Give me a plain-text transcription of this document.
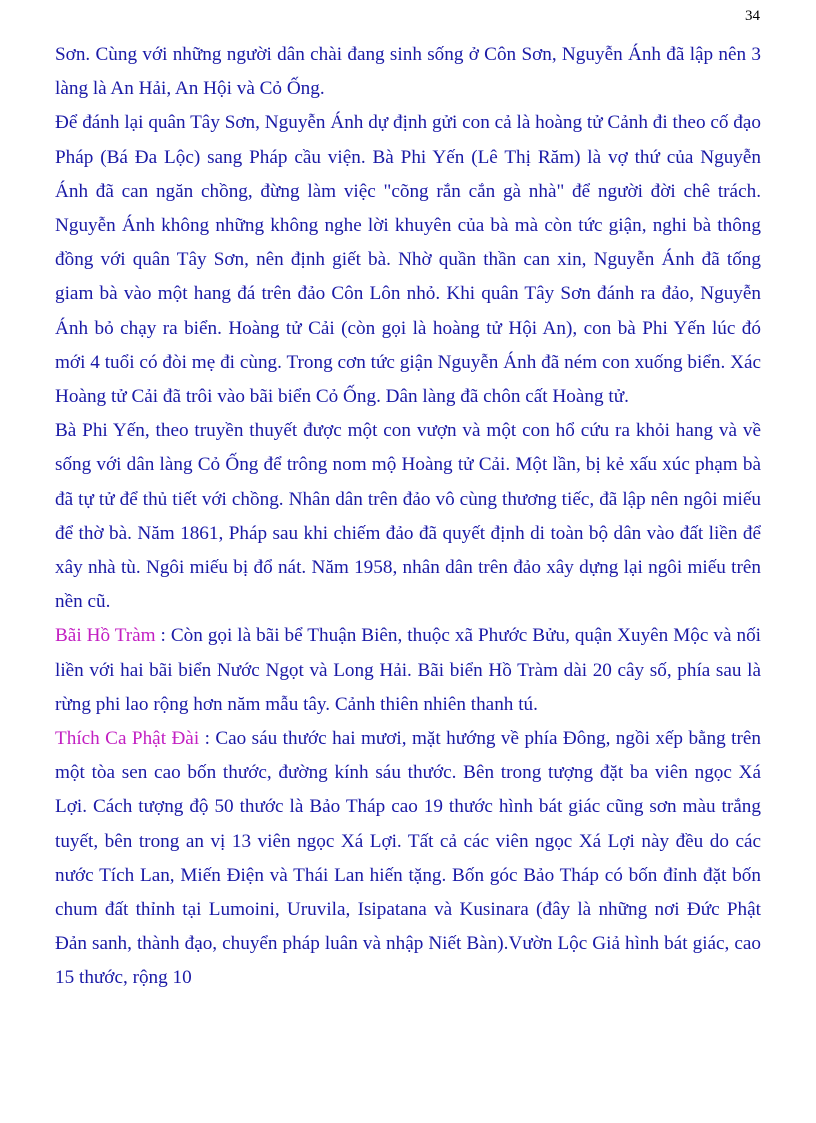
34

Sơn. Cùng với những người dân chài đang sinh sống ở Côn Sơn, Nguyễn Ánh đã lập nên 3 làng là An Hải, An Hội và Cỏ Ống.

Để đánh lại quân Tây Sơn, Nguyễn Ánh dự định gửi con cả là hoàng tử Cảnh đi theo cố đạo Pháp (Bá Đa Lộc) sang Pháp cầu viện. Bà Phi Yến (Lê Thị Răm) là vợ thứ của Nguyễn Ánh đã can ngăn chồng, đừng làm việc "cõng rắn cắn gà nhà" để người đời chê trách. Nguyễn Ánh không những không nghe lời khuyên của bà mà còn tức giận, nghi bà thông đồng với quân Tây Sơn, nên định giết bà. Nhờ quần thần can xin, Nguyễn Ánh đã tống giam bà vào một hang đá trên đảo Côn Lôn nhỏ. Khi quân Tây Sơn đánh ra đảo, Nguyễn Ánh bỏ chạy ra biển. Hoàng tử Cải (còn gọi là hoàng tử Hội An), con bà Phi Yến lúc đó mới 4 tuổi có đòi mẹ đi cùng. Trong cơn tức giận Nguyễn Ánh đã ném con xuống biển. Xác Hoàng tử Cải đã trôi vào bãi biển Cỏ Ống. Dân làng đã chôn cất Hoàng tử.

Bà Phi Yến, theo truyền thuyết được một con vượn và một con hổ cứu ra khỏi hang và về sống với dân làng Cỏ Ống để trông nom mộ Hoàng tử Cải. Một lần, bị kẻ xấu xúc phạm bà đã tự tử để thủ tiết với chồng. Nhân dân trên đảo vô cùng thương tiếc, đã lập nên ngôi miếu để thờ bà. Năm 1861, Pháp sau khi chiếm đảo đã quyết định di toàn bộ dân vào đất liền để xây nhà tù. Ngôi miếu bị đổ nát. Năm 1958, nhân dân trên đảo xây dựng lại ngôi miếu trên nền cũ.

Bãi Hồ Tràm : Còn gọi là bãi bể Thuận Biên, thuộc xã Phước Bửu, quận Xuyên Mộc và nối liền với hai bãi biển Nước Ngọt và Long Hải. Bãi biển Hồ Tràm dài 20 cây số, phía sau là rừng phi lao rộng hơn năm mẫu tây. Cảnh thiên nhiên thanh tú.

Thích Ca Phật Đài : Cao sáu thước hai mươi, mặt hướng về phía Đông, ngồi xếp bằng trên một tòa sen cao bốn thước, đường kính sáu thước. Bên trong tượng đặt ba viên ngọc Xá Lợi. Cách tượng độ 50 thước là Bảo Tháp cao 19 thước hình bát giác cũng sơn màu trắng tuyết, bên trong an vị 13 viên ngọc Xá Lợi. Tất cả các viên ngọc Xá Lợi này đều do các nước Tích Lan, Miến Điện và Thái Lan hiến tặng. Bốn góc Bảo Tháp có bốn đỉnh đặt bốn chum đất thỉnh tại Lumoini, Uruvila, Isipatana và Kusinara (đây là những nơi Đức Phật Đản sanh, thành đạo, chuyển pháp luân và nhập Niết Bàn).Vườn Lộc Giả hình bát giác, cao 15 thước, rộng 10
